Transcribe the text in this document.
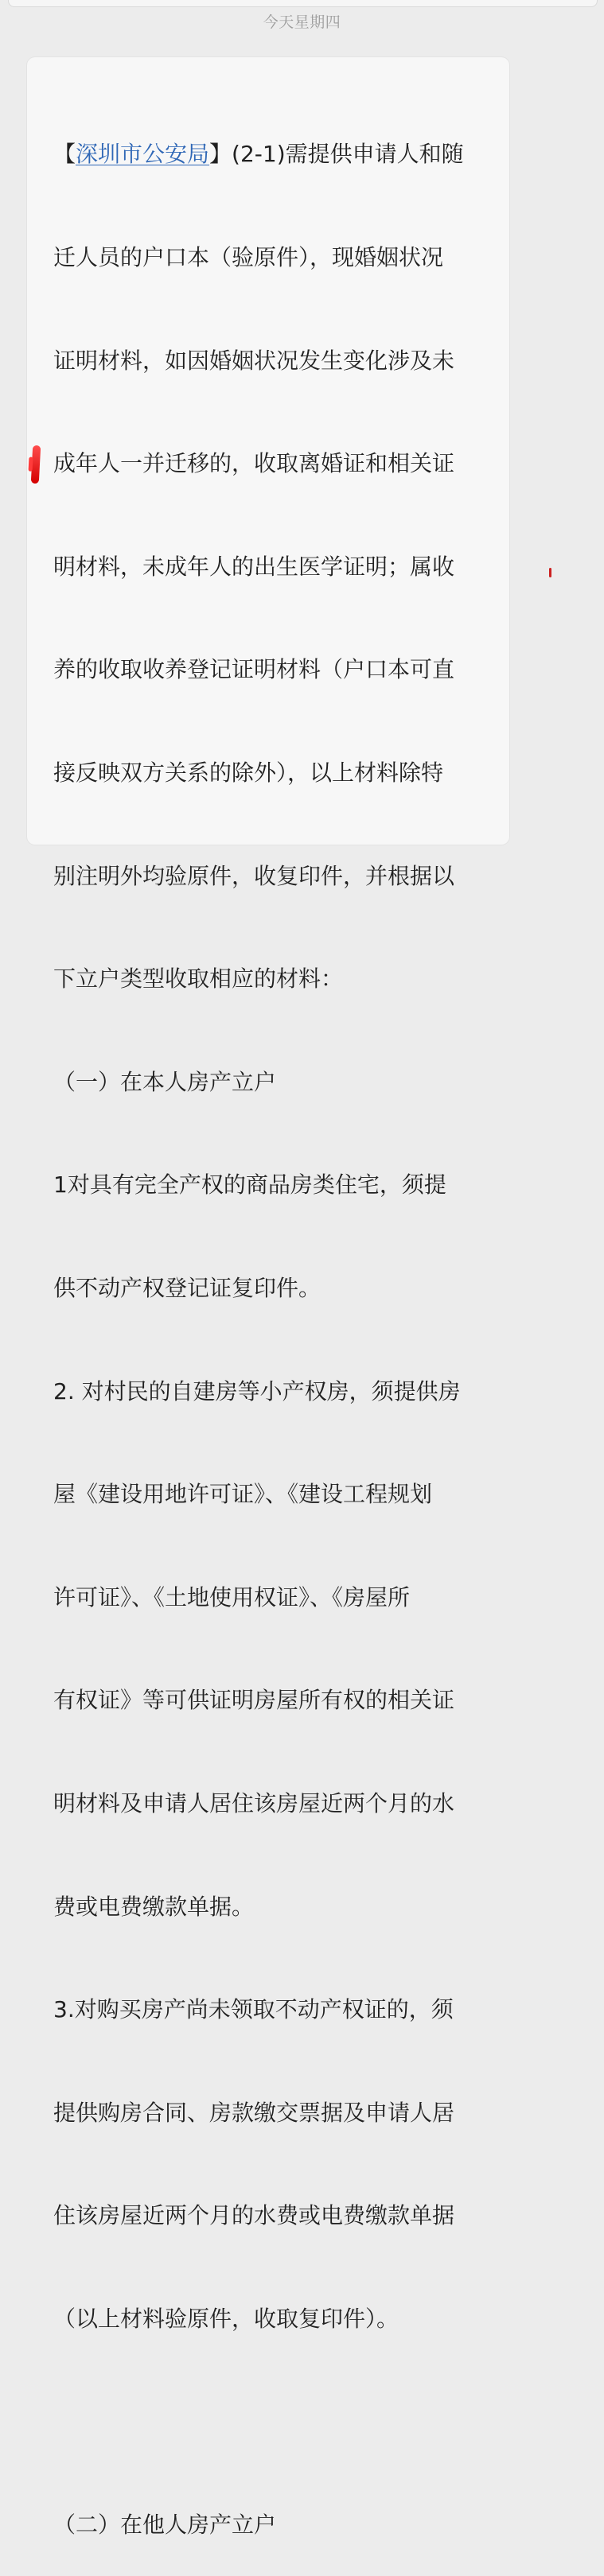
今天星期四

【深圳市公安局】(2-1)需提供申请人和随

迁人员的户口本（验原件），现婚姻状况

证明材料，如因婚姻状况发生变化涉及未

成年人一并迁移的，收取离婚证和相关证

明材料，未成年人的出生医学证明；属收

养的收取收养登记证明材料（户口本可直

接反映双方关系的除外），以上材料除特

别注明外均验原件，收复印件，并根据以

下立户类型收取相应的材料：

（一）在本人房产立户

1对具有完全产权的商品房类住宅，须提

供不动产权登记证复印件。

2. 对村民的自建房等小产权房，须提供房

屋《建设用地许可证》、《建设工程规划

许可证》、《土地使用权证》、《房屋所

有权证》等可供证明房屋所有权的相关证

明材料及申请人居住该房屋近两个月的水

费或电费缴款单据。

3.对购买房产尚未领取不动产权证的，须

提供购房合同、房款缴交票据及申请人居

住该房屋近两个月的水费或电费缴款单据

（以上材料验原件，收取复印件）。

（二）在他人房产立户
